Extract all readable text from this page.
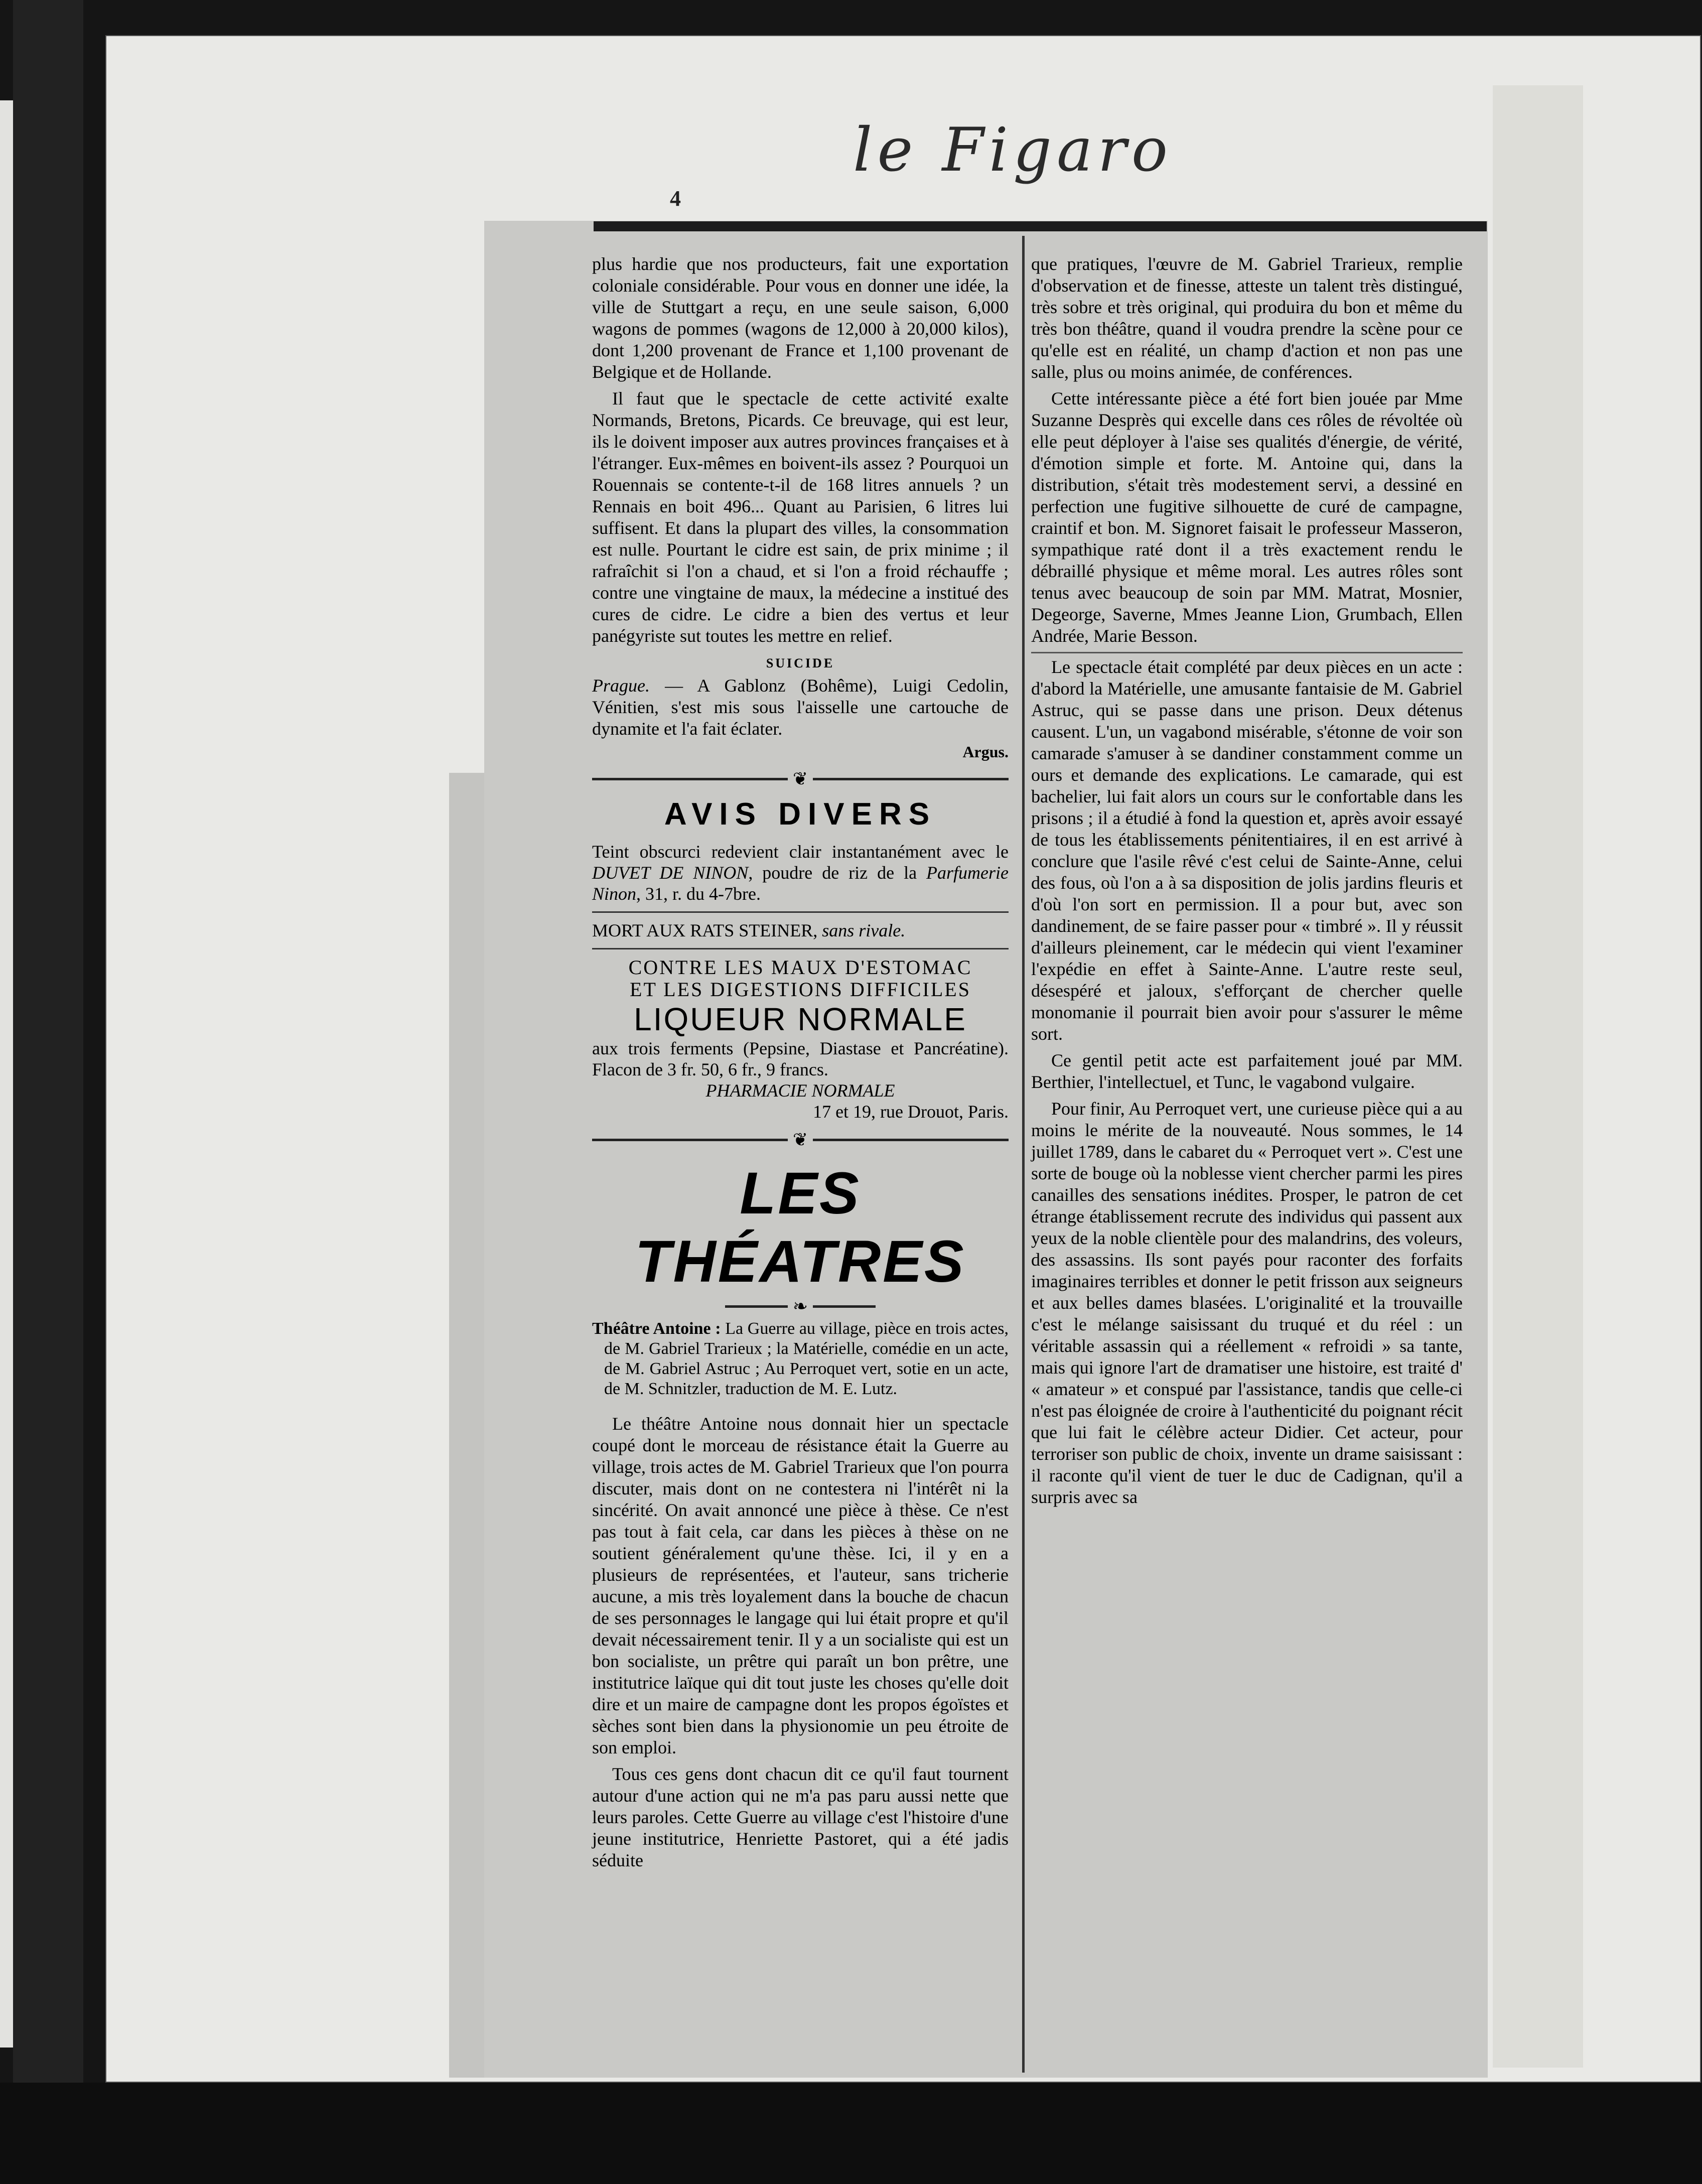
le Figaro
4

plus hardie que nos producteurs, fait une exportation coloniale considérable. Pour vous en donner une idée, la ville de Stuttgart a reçu, en une seule saison, 6,000 wagons de pommes (wagons de 12,000 à 20,000 kilos), dont 1,200 provenant de France et 1,100 provenant de Belgique et de Hollande.

Il faut que le spectacle de cette activité exalte Normands, Bretons, Picards. Ce breuvage, qui est leur, ils le doivent imposer aux autres provinces françaises et à l'étranger. Eux-mêmes en boivent-ils assez ? Pourquoi un Rouennais se contente-t-il de 168 litres annuels ? un Rennais en boit 496... Quant au Parisien, 6 litres lui suffisent. Et dans la plupart des villes, la consommation est nulle. Pourtant le cidre est sain, de prix minime ; il rafraîchit si l'on a chaud, et si l'on a froid réchauffe ; contre une vingtaine de maux, la médecine a institué des cures de cidre. Le cidre a bien des vertus et leur panégyriste sut toutes les mettre en relief.

SUICIDE

Prague. — A Gablonz (Bohême), Luigi Cedolin, Vénitien, s'est mis sous l'aisselle une cartouche de dynamite et l'a fait éclater.

Argus.
❦
AVIS DIVERS

Teint obscurci redevient clair instantanément avec le DUVET DE NINON, poudre de riz de la Parfumerie Ninon, 31, r. du 4-7bre.

MORT AUX RATS STEINER, sans rivale.

CONTRE LES MAUX D'ESTOMAC
ET LES DIGESTIONS DIFFICILES
LIQUEUR NORMALE

aux trois ferments (Pepsine, Diastase et Pancréatine). Flacon de 3 fr. 50, 6 fr., 9 francs.

PHARMACIE NORMALE

17 et 19, rue Drouot, Paris.

❦
LES THÉATRES
❧

Théâtre Antoine : La Guerre au village, pièce en trois actes, de M. Gabriel Trarieux ; la Matérielle, comédie en un acte, de M. Gabriel Astruc ; Au Perroquet vert, sotie en un acte, de M. Schnitzler, traduction de M. E. Lutz.

Le théâtre Antoine nous donnait hier un spectacle coupé dont le morceau de résistance était la Guerre au village, trois actes de M. Gabriel Trarieux que l'on pourra discuter, mais dont on ne contestera ni l'intérêt ni la sincérité. On avait annoncé une pièce à thèse. Ce n'est pas tout à fait cela, car dans les pièces à thèse on ne soutient généralement qu'une thèse. Ici, il y en a plusieurs de représentées, et l'auteur, sans tricherie aucune, a mis très loyalement dans la bouche de chacun de ses personnages le langage qui lui était propre et qu'il devait nécessairement tenir. Il y a un socialiste qui est un bon socialiste, un prêtre qui paraît un bon prêtre, une institutrice laïque qui dit tout juste les choses qu'elle doit dire et un maire de campagne dont les propos égoïstes et sèches sont bien dans la physionomie un peu étroite de son emploi.

Tous ces gens dont chacun dit ce qu'il faut tournent autour d'une action qui ne m'a pas paru aussi nette que leurs paroles. Cette Guerre au village c'est l'histoire d'une jeune institutrice, Henriette Pastoret, qui a été jadis séduite

que pratiques, l'œuvre de M. Gabriel Trarieux, remplie d'observation et de finesse, atteste un talent très distingué, très sobre et très original, qui produira du bon et même du très bon théâtre, quand il voudra prendre la scène pour ce qu'elle est en réalité, un champ d'action et non pas une salle, plus ou moins animée, de conférences.

Cette intéressante pièce a été fort bien jouée par Mme Suzanne Desprès qui excelle dans ces rôles de révoltée où elle peut déployer à l'aise ses qualités d'énergie, de vérité, d'émotion simple et forte. M. Antoine qui, dans la distribution, s'était très modestement servi, a dessiné en perfection une fugitive silhouette de curé de campagne, craintif et bon. M. Signoret faisait le professeur Masseron, sympathique raté dont il a très exactement rendu le débraillé physique et même moral. Les autres rôles sont tenus avec beaucoup de soin par MM. Matrat, Mosnier, Degeorge, Saverne, Mmes Jeanne Lion, Grumbach, Ellen Andrée, Marie Besson.

Le spectacle était complété par deux pièces en un acte : d'abord la Matérielle, une amusante fantaisie de M. Gabriel Astruc, qui se passe dans une prison. Deux détenus causent. L'un, un vagabond misérable, s'étonne de voir son camarade s'amuser à se dandiner constamment comme un ours et demande des explications. Le camarade, qui est bachelier, lui fait alors un cours sur le confortable dans les prisons ; il a étudié à fond la question et, après avoir essayé de tous les établissements pénitentiaires, il en est arrivé à conclure que l'asile rêvé c'est celui de Sainte-Anne, celui des fous, où l'on a à sa disposition de jolis jardins fleuris et d'où l'on sort en permission. Il a pour but, avec son dandinement, de se faire passer pour « timbré ». Il y réussit d'ailleurs pleinement, car le médecin qui vient l'examiner l'expédie en effet à Sainte-Anne. L'autre reste seul, désespéré et jaloux, s'efforçant de chercher quelle monomanie il pourrait bien avoir pour s'assurer le même sort.

Ce gentil petit acte est parfaitement joué par MM. Berthier, l'intellectuel, et Tunc, le vagabond vulgaire.

Pour finir, Au Perroquet vert, une curieuse pièce qui a au moins le mérite de la nouveauté. Nous sommes, le 14 juillet 1789, dans le cabaret du « Perroquet vert ». C'est une sorte de bouge où la noblesse vient chercher parmi les pires canailles des sensations inédites. Prosper, le patron de cet étrange établissement recrute des individus qui passent aux yeux de la noble clientèle pour des malandrins, des voleurs, des assassins. Ils sont payés pour raconter des forfaits imaginaires terribles et donner le petit frisson aux seigneurs et aux belles dames blasées. L'originalité et la trouvaille c'est le mélange saisissant du truqué et du réel : un véritable assassin qui a réellement « refroidi » sa tante, mais qui ignore l'art de dramatiser une histoire, est traité d' « amateur » et conspué par l'assistance, tandis que celle-ci n'est pas éloignée de croire à l'authenticité du poignant récit que lui fait le célèbre acteur Didier. Cet acteur, pour terroriser son public de choix, invente un drame saisissant : il raconte qu'il vient de tuer le duc de Cadignan, qu'il a surpris avec sa
